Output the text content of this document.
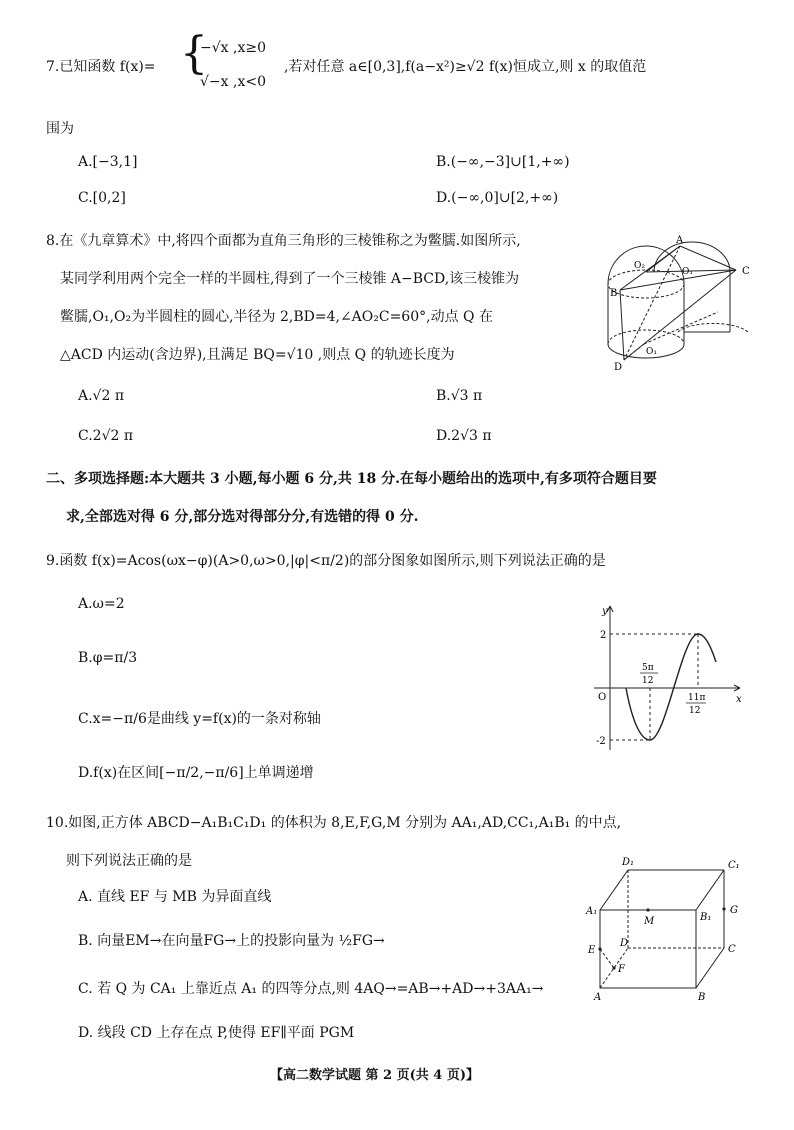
7.已知函数 f(x)= {
−√x ,x≥0
√−x ,x<0
,若对任意 a∈[0,3],f(a−x²)≥√2 f(x)恒成立,则 x 的取值范
围为
A.[−3,1]	B.(−∞,−3]∪[1,+∞)
C.[0,2]	D.(−∞,0]∪[2,+∞)
8.在《九章算术》中,将四个面都为直角三角形的三棱锥称之为鳖臑.如图所示,
某同学利用两个完全一样的半圆柱,得到了一个三棱锥 A−BCD,该三棱锥为
鳖臑,O₁,O₂为半圆柱的圆心,半径为 2,BD=4,∠AO₂C=60°,动点 Q 在
△ACD 内运动(含边界),且满足 BQ=√10 ,则点 Q 的轨迹长度为
A.√2 π	B.√3 π
C.2√2 π	D.2√3 π
A
B
C
D
O₂
O₁
O₁
二、多项选择题:本大题共 3 小题,每小题 6 分,共 18 分.在每小题给出的选项中,有多项符合题目要
求,全部选对得 6 分,部分选对得部分分,有选错的得 0 分.
9.函数 f(x)=Acos(ωx−φ)(A>0,ω>0,|φ|<π/2)的部分图象如图所示,则下列说法正确的是
A.ω=2
B.φ=π/3
C.x=−π/6是曲线 y=f(x)的一条对称轴
D.f(x)在区间[−π/2,−π/6]上单调递增
y
x
O
2
-2
5π
12
11π
12
10.如图,正方体 ABCD−A₁B₁C₁D₁ 的体积为 8,E,F,G,M 分别为 AA₁,AD,CC₁,A₁B₁ 的中点,
则下列说法正确的是
A. 直线 EF 与 MB 为异面直线
B. 向量EM→在向量FG→上的投影向量为 ½FG→
C. 若 Q 为 CA₁ 上靠近点 A₁ 的四等分点,则 4AQ→=AB→+AD→+3AA₁→
D. 线段 CD 上存在点 P,使得 EF∥平面 PGM
D₁	C₁
A₁
B₁
M
G
E
D
C
F
A	B
【高二数学试题 第 2 页(共 4 页)】
